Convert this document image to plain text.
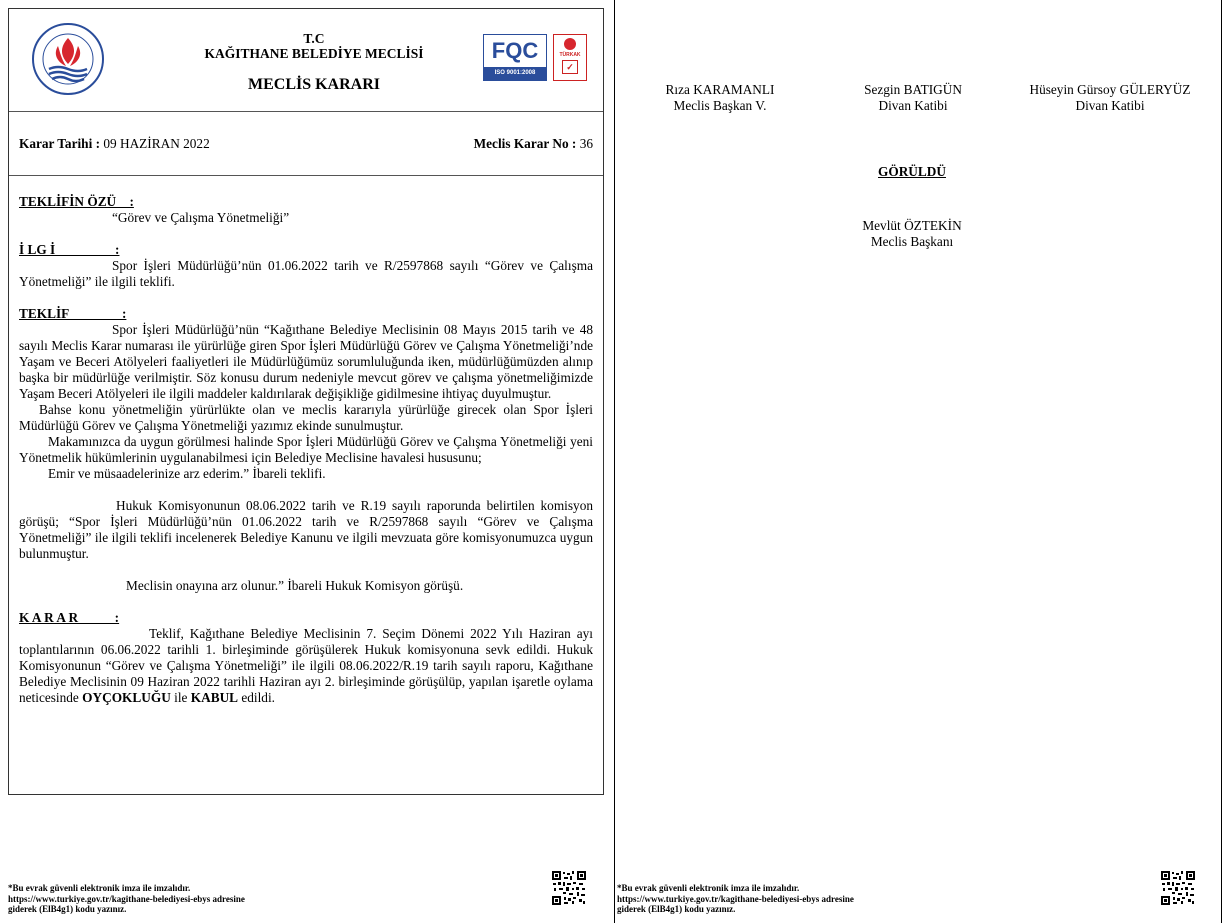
T.C
KAĞITHANE BELEDİYE MECLİSİ
MECLİS KARARI
FQC
ISO 9001:2008
TÜRKAK
✓
Karar Tarihi : 09 HAZİRAN 2022	Meclis Karar No : 36

TEKLİFİN ÖZÜ    :

“Görev ve Çalışma Yönetmeliği”

İ LG İ                  :

Spor İşleri Müdürlüğü’nün 01.06.2022 tarih ve R/2597868 sayılı “Görev ve Çalışma Yönetmeliği” ile ilgili teklifi.

TEKLİF                :

Spor İşleri Müdürlüğü’nün “Kağıthane Belediye Meclisinin 08 Mayıs 2015 tarih ve 48 sayılı Meclis Karar numarası ile yürürlüğe giren Spor İşleri Müdürlüğü Görev ve Çalışma Yönetmeliği’nde Yaşam ve Beceri Atölyeleri faaliyetleri ile Müdürlüğümüz sorumluluğunda iken, müdürlüğümüzden alınıp başka bir müdürlüğe verilmiştir. Söz konusu durum nedeniyle mevcut görev ve çalışma yönetmeliğimizde Yaşam Beceri Atölyeleri ile ilgili maddeler kaldırılarak değişikliğe gidilmesine ihtiyaç duyulmuştur.

Bahse konu yönetmeliğin yürürlükte olan ve meclis kararıyla yürürlüğe girecek olan Spor İşleri Müdürlüğü Görev ve Çalışma Yönetmeliği yazımız ekinde sunulmuştur.

Makamınızca da uygun görülmesi halinde Spor İşleri Müdürlüğü Görev ve Çalışma Yönetmeliği yeni Yönetmelik hükümlerinin uygulanabilmesi için Belediye Meclisine havalesi hususunu;

Emir ve müsaadelerinize arz ederim.” İbareli teklifi.

Hukuk Komisyonunun 08.06.2022 tarih ve R.19 sayılı raporunda belirtilen komisyon görüşü; “Spor İşleri Müdürlüğü’nün 01.06.2022 tarih ve R/2597868 sayılı “Görev ve Çalışma Yönetmeliği” ile ilgili teklifi incelenerek Belediye Kanunu ve ilgili mevzuata göre komisyonumuzca uygun bulunmuştur.

Meclisin onayına arz olunur.” İbareli Hukuk Komisyon görüşü.

K A R A R           :

Teklif, Kağıthane Belediye Meclisinin 7. Seçim Dönemi 2022 Yılı Haziran ayı toplantılarının 06.06.2022 tarihli 1. birleşiminde görüşülerek Hukuk komisyonuna sevk edildi. Hukuk Komisyonunun “Görev ve Çalışma Yönetmeliği” ile ilgili 08.06.2022/R.19 tarih sayılı raporu, Kağıthane Belediye Meclisinin 09 Haziran 2022 tarihli Haziran ayı 2. birleşiminde görüşülüp, yapılan işaretle oylama neticesinde OYÇOKLUĞU ile KABUL edildi.

*Bu evrak güvenli elektronik imza ile imzalıdır.
https://www.turkiye.gov.tr/kagithane-belediyesi-ebys adresine
giderek (ElB4g1) kodu yazınız.
Rıza KARAMANLI
Meclis Başkan V.
Sezgin BATIGÜN
Divan Katibi
Hüseyin Gürsoy GÜLERYÜZ
Divan Katibi
GÖRÜLDÜ
Mevlüt ÖZTEKİN
Meclis Başkanı
*Bu evrak güvenli elektronik imza ile imzalıdır.
https://www.turkiye.gov.tr/kagithane-belediyesi-ebys adresine
giderek (ElB4g1) kodu yazınız.
